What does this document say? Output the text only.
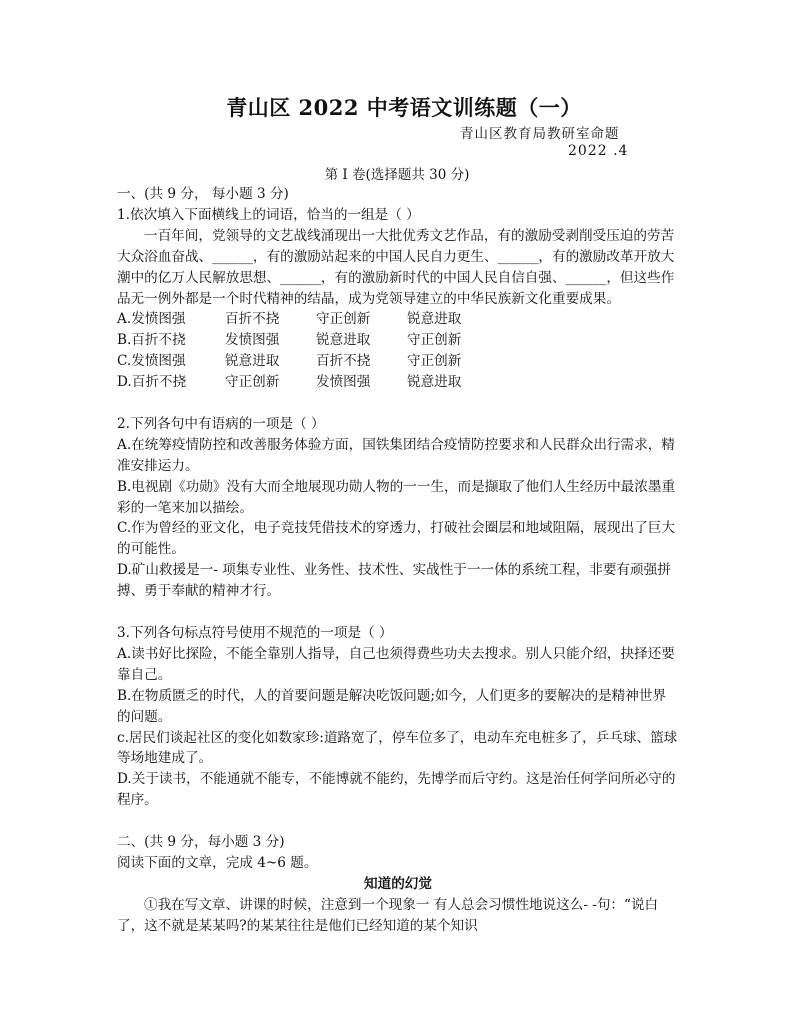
青山区 2022 中考语文训练题（一）
青山区教育局教研室命题
2022 .4
第 I 卷(选择题共 30 分)

一、(共 9 分， 每小题 3 分)

1.依次填入下面横线上的词语，恰当的一组是（ ）

一百年间，党领导的文艺战线涌现出一大批优秀文艺作品，有的激励受剥削受压迫的劳苦大众浴血奋战、______，有的激励站起来的中国人民自力更生、______，有的激励改革开放大潮中的亿万人民解放思想、______，有的激励新时代的中国人民自信自强、______，但这些作品无一例外都是一个时代精神的结晶，成为党领导建立的中华民族新文化重要成果。

A.发愤图强	百折不挠	守正创新	锐意进取

B.百折不挠	发愤图强	锐意进取	守正创新

C.发愤图强	锐意进取	百折不挠	守正创新

D.百折不挠	守正创新	发愤图强	锐意进取

2.下列各句中有语病的一项是（ ）

A.在统筹疫情防控和改善服务体验方面，国铁集团结合疫情防控要求和人民群众出行需求，精准安排运力。

B.电视剧《功勋》没有大而全地展现功勋人物的一一生，而是撷取了他们人生经历中最浓墨重彩的一笔来加以描绘。

C.作为曾经的亚文化，电子竞技凭借技术的穿透力，打破社会圈层和地域阻隔，展现出了巨大的可能性。

D.矿山救援是一- 项集专业性、业务性、技术性、实战性于一一体的系统工程，非要有顽强拼搏、勇于奉献的精神才行。

3.下列各句标点符号使用不规范的一项是（ ）

A.读书好比探险，不能全靠别人指导，自己也须得费些功夫去搜求。别人只能介绍，抉择还要靠自己。

B.在物质匮乏的时代，人的首要问题是解决吃饭问题;如今，人们更多的要解决的是精神世界的问题。

c.居民们谈起社区的变化如数家珍:道路宽了，停车位多了，电动车充电桩多了，乒乓球、篮球等场地建成了。

D.关于读书，不能通就不能专，不能博就不能约，先博学而后守约。这是治任何学问所必守的程序。

二、(共 9 分，每小题 3 分)

阅读下面的文章，完成 4~6 题。

知道的幻觉

①我在写文章、讲课的时候，注意到一个现象一 有人总会习惯性地说这么- -句：“说白了，这不就是某某吗?的某某往往是他们已经知道的某个知识
